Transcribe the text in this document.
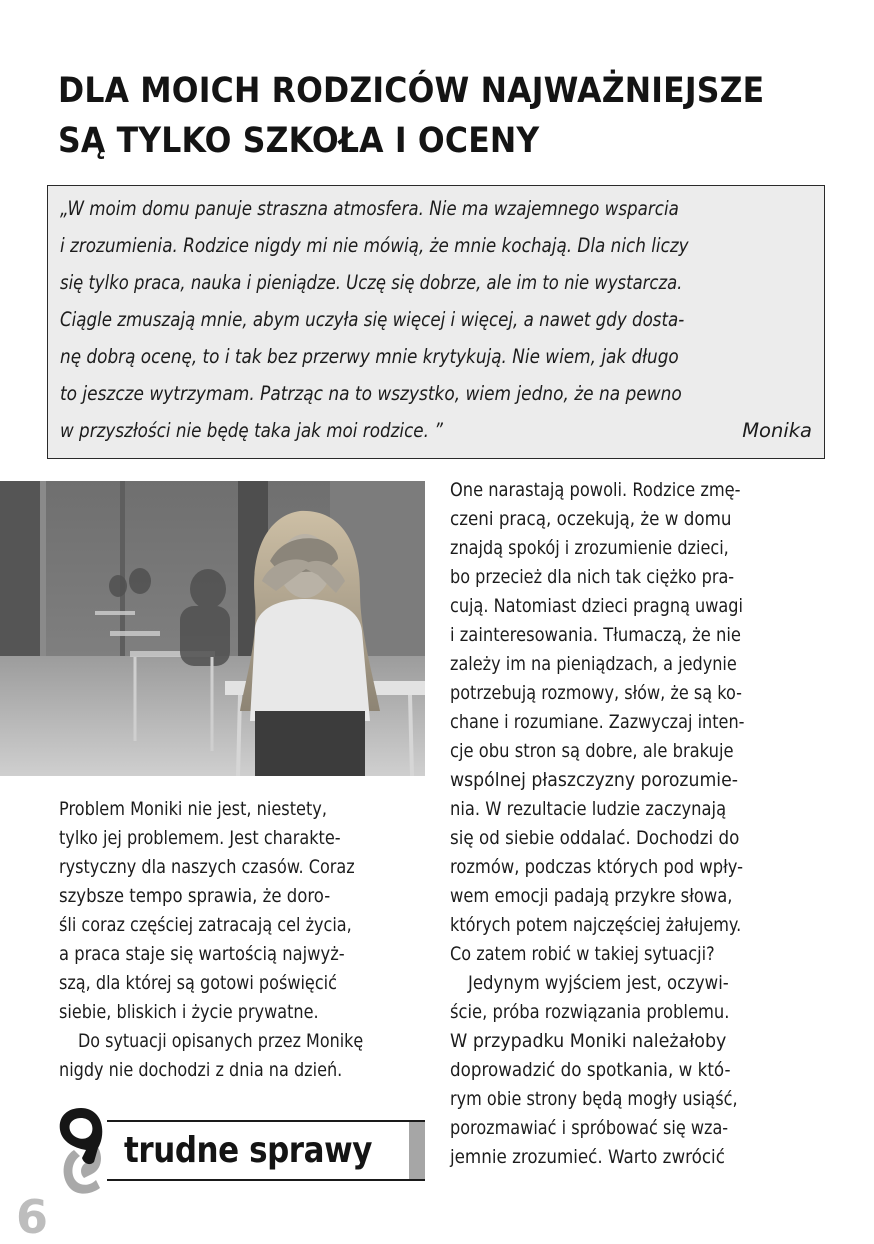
DLA MOICH RODZICÓW NAJWAŻNIEJSZE
SĄ TYLKO SZKOŁA I OCENY
„W moim domu panuje straszna atmosfera. Nie ma wzajemnego wsparcia
i zrozumienia. Rodzice nigdy mi nie mówią, że mnie kochają. Dla nich liczy
się tylko praca, nauka i pieniądze. Uczę się dobrze, ale im to nie wystarcza.
Ciągle zmuszają mnie, abym uczyła się więcej i więcej, a nawet gdy dosta-
nę dobrą ocenę, to i tak bez przerwy mnie krytykują. Nie wiem, jak długo
to jeszcze wytrzymam. Patrząc na to wszystko, wiem jedno, że na pewno
w przyszłości nie będę taka jak moi rodzice. ”	Monika
Problem Moniki nie jest, niestety,
tylko jej problemem. Jest charakte-
rystyczny dla naszych czasów. Coraz
szybsze tempo sprawia, że doro-
śli coraz częściej zatracają cel życia,
a praca staje się wartością najwyż-
szą, dla której są gotowi poświęcić
siebie, bliskich i życie prywatne.
Do sytuacji opisanych przez Monikę
nigdy nie dochodzi z dnia na dzień.
One narastają powoli. Rodzice zmę-
czeni pracą, oczekują, że w domu
znajdą spokój i zrozumienie dzieci,
bo przecież dla nich tak ciężko pra-
cują. Natomiast dzieci pragną uwagi
i zainteresowania. Tłumaczą, że nie
zależy im na pieniądzach, a jedynie
potrzebują rozmowy, słów, że są ko-
chane i rozumiane. Zazwyczaj inten-
cje obu stron są dobre, ale brakuje
wspólnej płaszczyzny porozumie-
nia. W rezultacie ludzie zaczynają
się od siebie oddalać. Dochodzi do
rozmów, podczas których pod wpły-
wem emocji padają przykre słowa,
których potem najczęściej żałujemy.
Co zatem robić w takiej sytuacji?
Jedynym wyjściem jest, oczywi-
ście, próba rozwiązania problemu.
W przypadku Moniki należałoby
doprowadzić do spotkania, w któ-
rym obie strony będą mogły usiąść,
porozmawiać i spróbować się wza-
jemnie zrozumieć. Warto zwrócić
trudne sprawy
6
